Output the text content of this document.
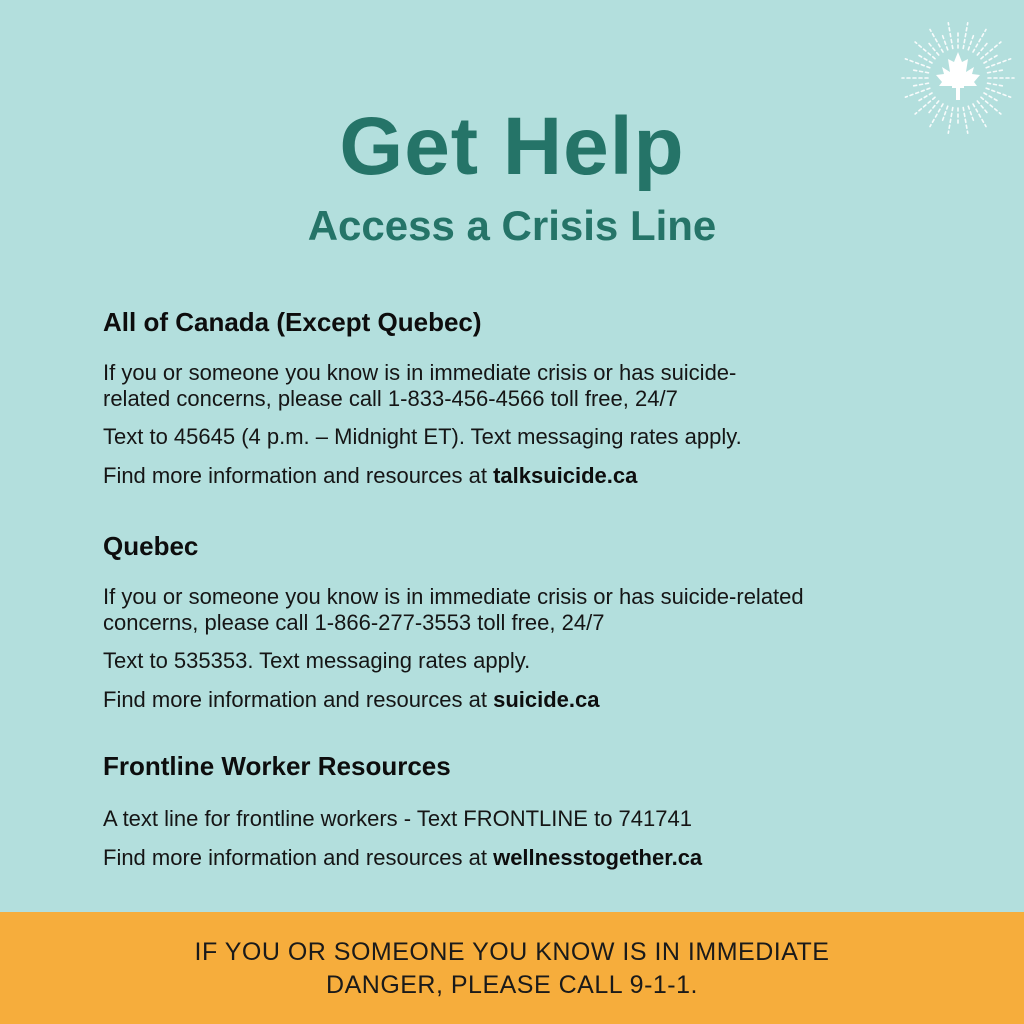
Get Help
Access a Crisis Line
All of Canada (Except Quebec)

If you or someone you know is in immediate crisis or has suicide-
related concerns, please call 1-833-456-4566 toll free, 24/7

Text to 45645 (4 p.m. – Midnight ET). Text messaging rates apply.

Find more information and resources at talksuicide.ca

Quebec

If you or someone you know is in immediate crisis or has suicide-related
concerns, please call 1-866-277-3553 toll free, 24/7

Text to 535353. Text messaging rates apply.

Find more information and resources at suicide.ca

Frontline Worker Resources

A text line for frontline workers - Text FRONTLINE to 741741

Find more information and resources at wellnesstogether.ca

IF YOU OR SOMEONE YOU KNOW IS IN IMMEDIATE
DANGER, PLEASE CALL 9-1-1.
